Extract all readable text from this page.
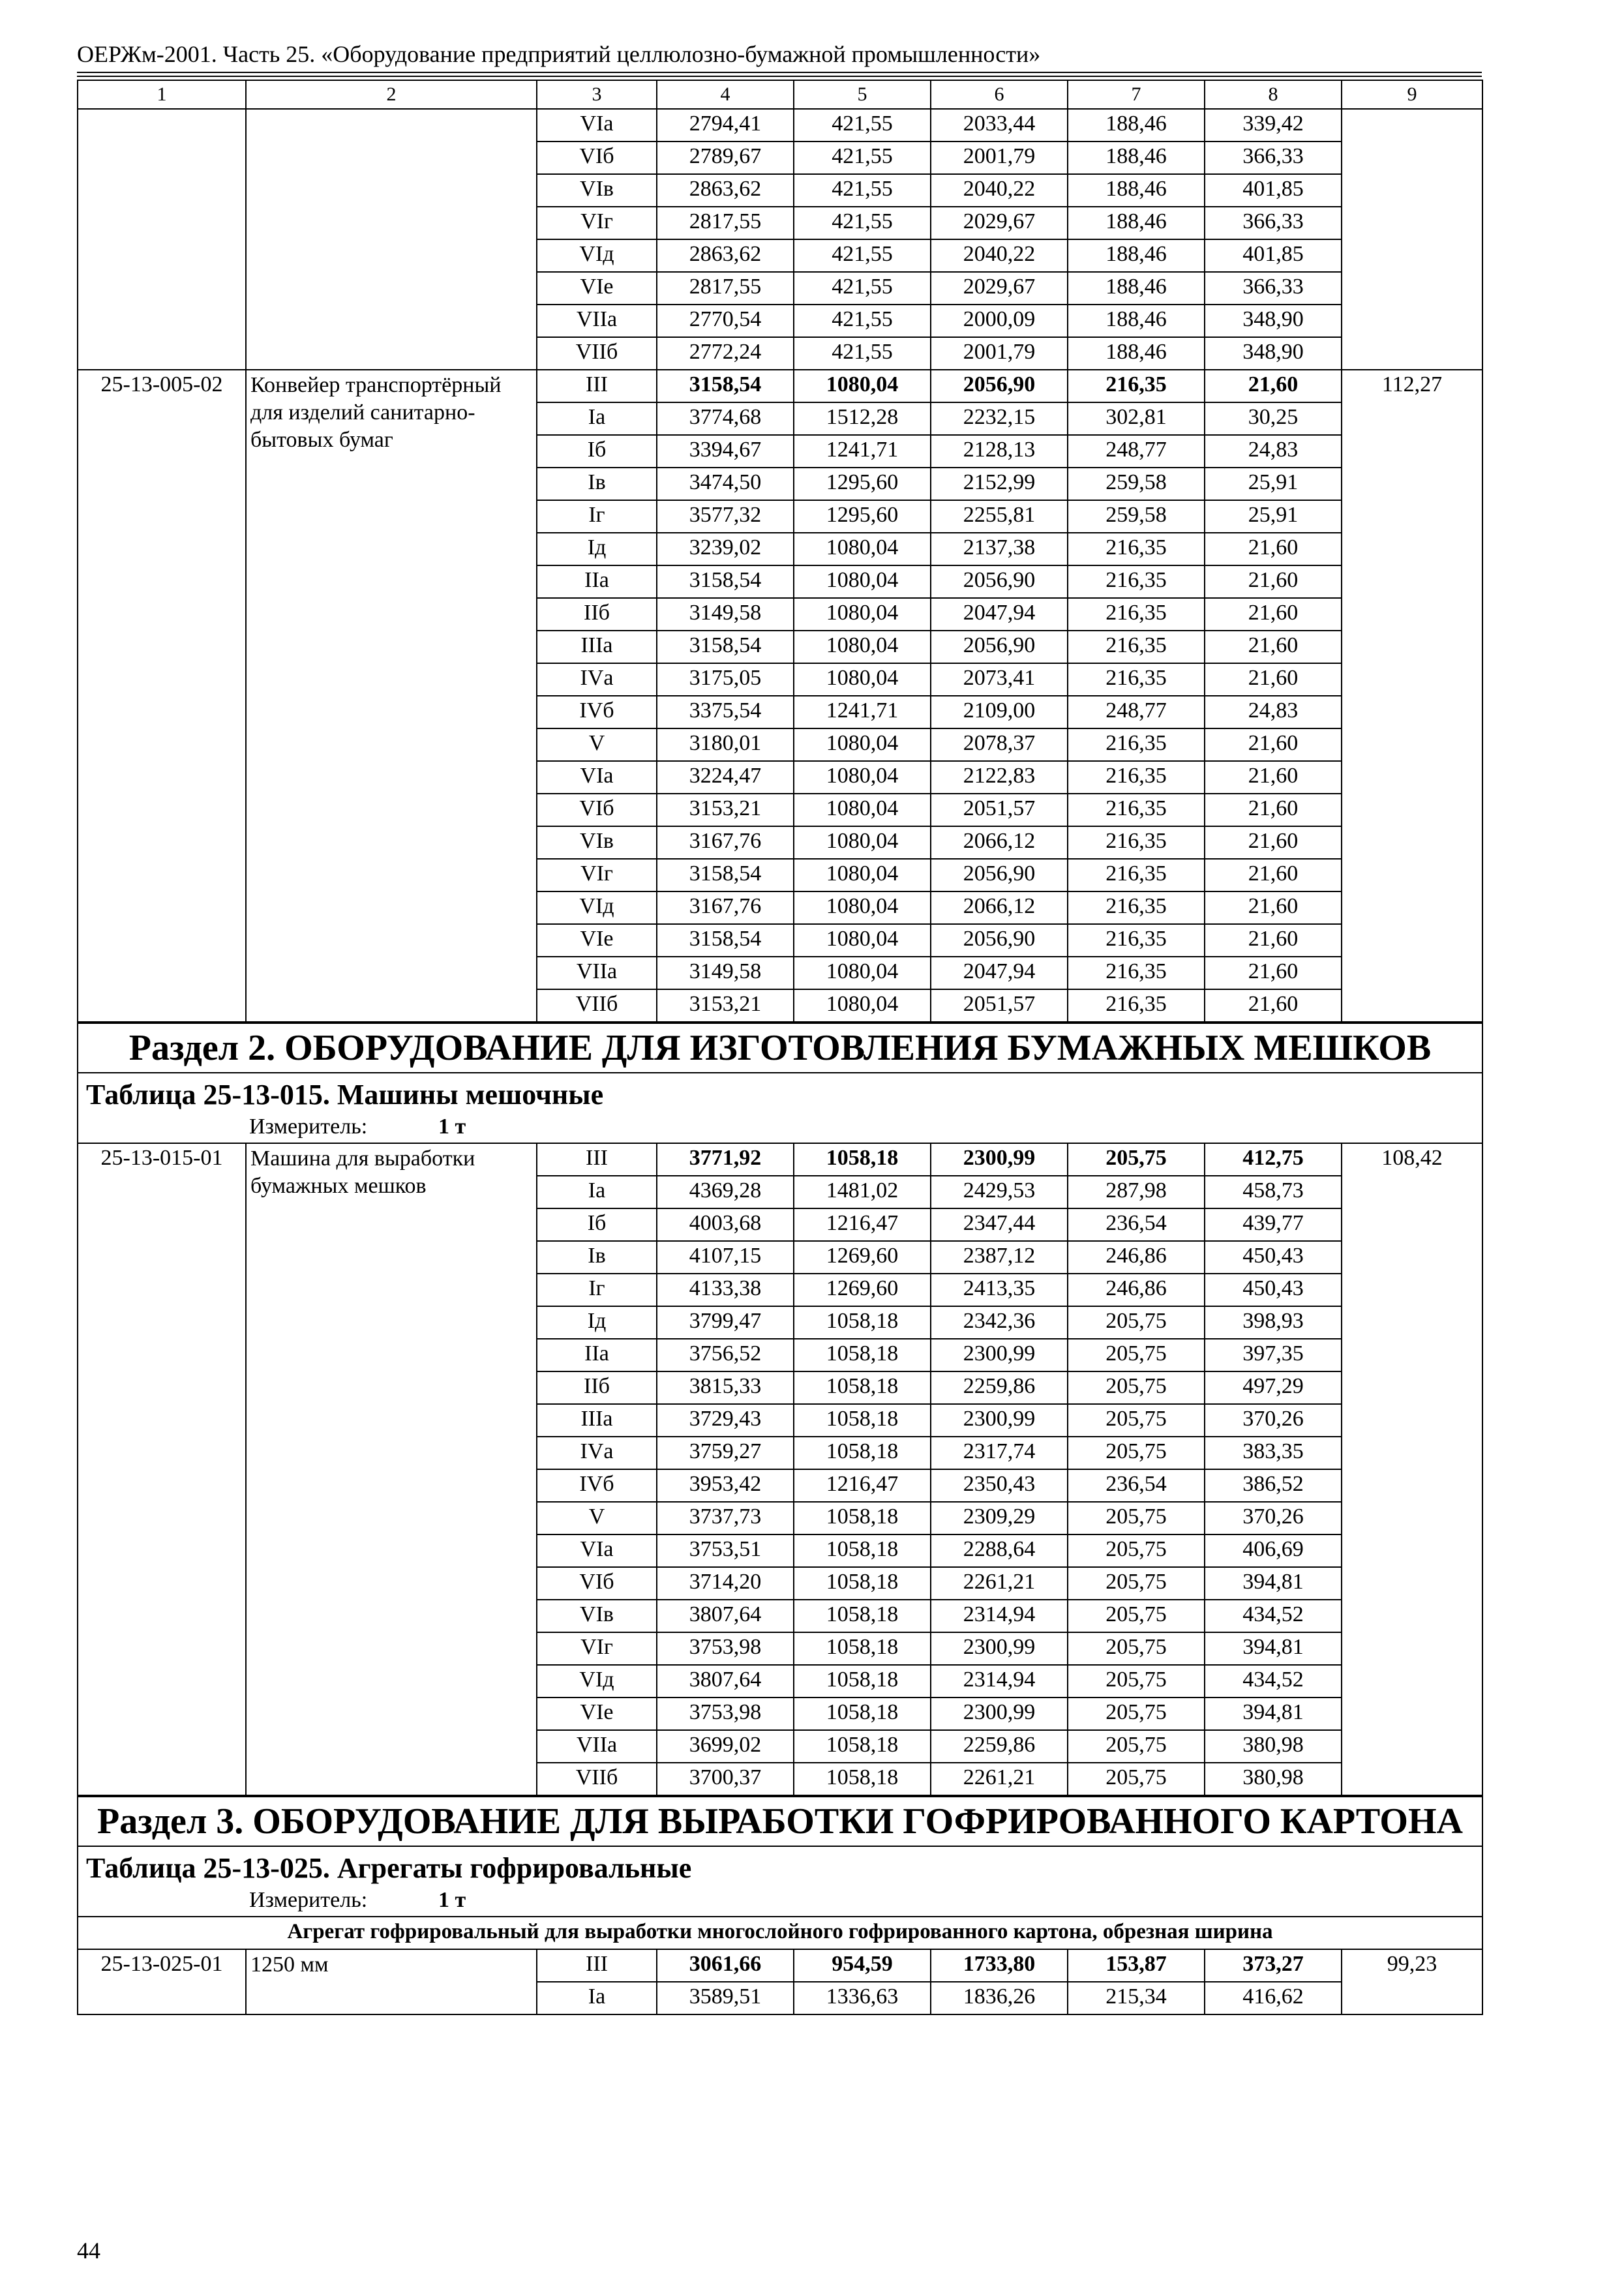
ОЕРЖм-2001. Часть 25. «Оборудование предприятий целлюлозно-бумажной промышленности»
1	2	3	4	5	6	7	8	9
		VIа	2794,41	421,55	2033,44	188,46	339,42	
		VIб	2789,67	421,55	2001,79	188,46	366,33	
		VIв	2863,62	421,55	2040,22	188,46	401,85	
		VIг	2817,55	421,55	2029,67	188,46	366,33	
		VIд	2863,62	421,55	2040,22	188,46	401,85	
		VIе	2817,55	421,55	2029,67	188,46	366,33	
		VIIа	2770,54	421,55	2000,09	188,46	348,90	
		VIIб	2772,24	421,55	2001,79	188,46	348,90	
25-13-005-02	Конвейер транспортёрный для изделий санитарно-бытовых бумаг	III	3158,54	1080,04	2056,90	216,35	21,60	112,27
		Iа	3774,68	1512,28	2232,15	302,81	30,25	
		Iб	3394,67	1241,71	2128,13	248,77	24,83	
		Iв	3474,50	1295,60	2152,99	259,58	25,91	
		Iг	3577,32	1295,60	2255,81	259,58	25,91	
		Iд	3239,02	1080,04	2137,38	216,35	21,60	
		IIа	3158,54	1080,04	2056,90	216,35	21,60	
		IIб	3149,58	1080,04	2047,94	216,35	21,60	
		IIIа	3158,54	1080,04	2056,90	216,35	21,60	
		IVа	3175,05	1080,04	2073,41	216,35	21,60	
		IVб	3375,54	1241,71	2109,00	248,77	24,83	
		V	3180,01	1080,04	2078,37	216,35	21,60	
		VIа	3224,47	1080,04	2122,83	216,35	21,60	
		VIб	3153,21	1080,04	2051,57	216,35	21,60	
		VIв	3167,76	1080,04	2066,12	216,35	21,60	
		VIг	3158,54	1080,04	2056,90	216,35	21,60	
		VIд	3167,76	1080,04	2066,12	216,35	21,60	
		VIе	3158,54	1080,04	2056,90	216,35	21,60	
		VIIа	3149,58	1080,04	2047,94	216,35	21,60	
		VIIб	3153,21	1080,04	2051,57	216,35	21,60	
Раздел 2. ОБОРУДОВАНИЕ ДЛЯ ИЗГОТОВЛЕНИЯ БУМАЖНЫХ МЕШКОВ								
Таблица 25-13-015. Машины мешочные								
Измеритель: 1 т								
25-13-015-01	Машина для выработки бумажных мешков	III	3771,92	1058,18	2300,99	205,75	412,75	108,42
		Iа	4369,28	1481,02	2429,53	287,98	458,73	
		Iб	4003,68	1216,47	2347,44	236,54	439,77	
		Iв	4107,15	1269,60	2387,12	246,86	450,43	
		Iг	4133,38	1269,60	2413,35	246,86	450,43	
		Iд	3799,47	1058,18	2342,36	205,75	398,93	
		IIа	3756,52	1058,18	2300,99	205,75	397,35	
		IIб	3815,33	1058,18	2259,86	205,75	497,29	
		IIIа	3729,43	1058,18	2300,99	205,75	370,26	
		IVа	3759,27	1058,18	2317,74	205,75	383,35	
		IVб	3953,42	1216,47	2350,43	236,54	386,52	
		V	3737,73	1058,18	2309,29	205,75	370,26	
		VIа	3753,51	1058,18	2288,64	205,75	406,69	
		VIб	3714,20	1058,18	2261,21	205,75	394,81	
		VIв	3807,64	1058,18	2314,94	205,75	434,52	
		VIг	3753,98	1058,18	2300,99	205,75	394,81	
		VIд	3807,64	1058,18	2314,94	205,75	434,52	
		VIе	3753,98	1058,18	2300,99	205,75	394,81	
		VIIа	3699,02	1058,18	2259,86	205,75	380,98	
		VIIб	3700,37	1058,18	2261,21	205,75	380,98	
Раздел 3. ОБОРУДОВАНИЕ ДЛЯ ВЫРАБОТКИ ГОФРИРОВАННОГО КАРТОНА								
Таблица 25-13-025. Агрегаты гофрировальные								
Измеритель: 1 т								
Агрегат гофрировальный для выработки многослойного гофрированного картона, обрезная ширина								
25-13-025-01	1250 мм	III	3061,66	954,59	1733,80	153,87	373,27	99,23
		Iа	3589,51	1336,63	1836,26	215,34	416,62	
44
